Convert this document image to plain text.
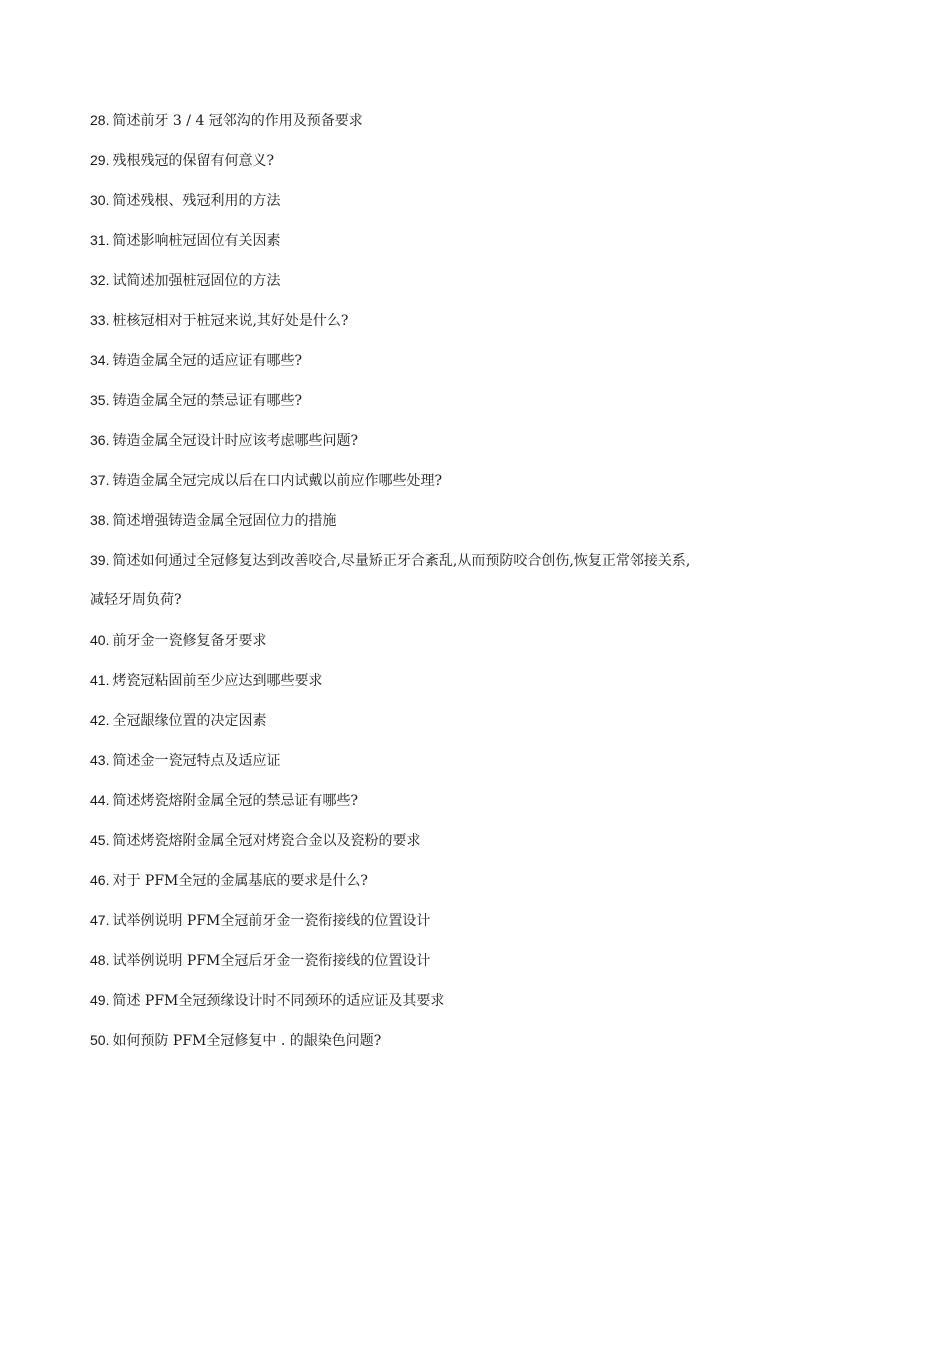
28. 简述前牙 3 / 4 冠邻沟的作用及预备要求
29. 残根残冠的保留有何意义?
30. 简述残根、残冠利用的方法
31. 简述影响桩冠固位有关因素
32. 试简述加强桩冠固位的方法
33. 桩核冠相对于桩冠来说,其好处是什么?
34. 铸造金属全冠的适应证有哪些?
35. 铸造金属全冠的禁忌证有哪些?
36. 铸造金属全冠设计时应该考虑哪些问题?
37. 铸造金属全冠完成以后在口内试戴以前应作哪些处理?
38. 简述增强铸造金属全冠固位力的措施
39. 简述如何通过全冠修复达到改善咬合,尽量矫正牙合紊乱,从而预防咬合创伤,恢复正常邻接关系,
减轻牙周负荷?
40. 前牙金一瓷修复备牙要求
41. 烤瓷冠粘固前至少应达到哪些要求
42. 全冠龈缘位置的决定因素
43. 简述金一瓷冠特点及适应证
44. 简述烤瓷熔附金属全冠的禁忌证有哪些?
45. 简述烤瓷熔附金属全冠对烤瓷合金以及瓷粉的要求
46. 对于 PFM全冠的金属基底的要求是什么?
47. 试举例说明 PFM全冠前牙金一瓷衔接线的位置设计
48. 试举例说明 PFM全冠后牙金一瓷衔接线的位置设计
49. 简述 PFM全冠颈缘设计时不同颈环的适应证及其要求
50. 如何预防 PFM全冠修复中 . 的龈染色问题?
